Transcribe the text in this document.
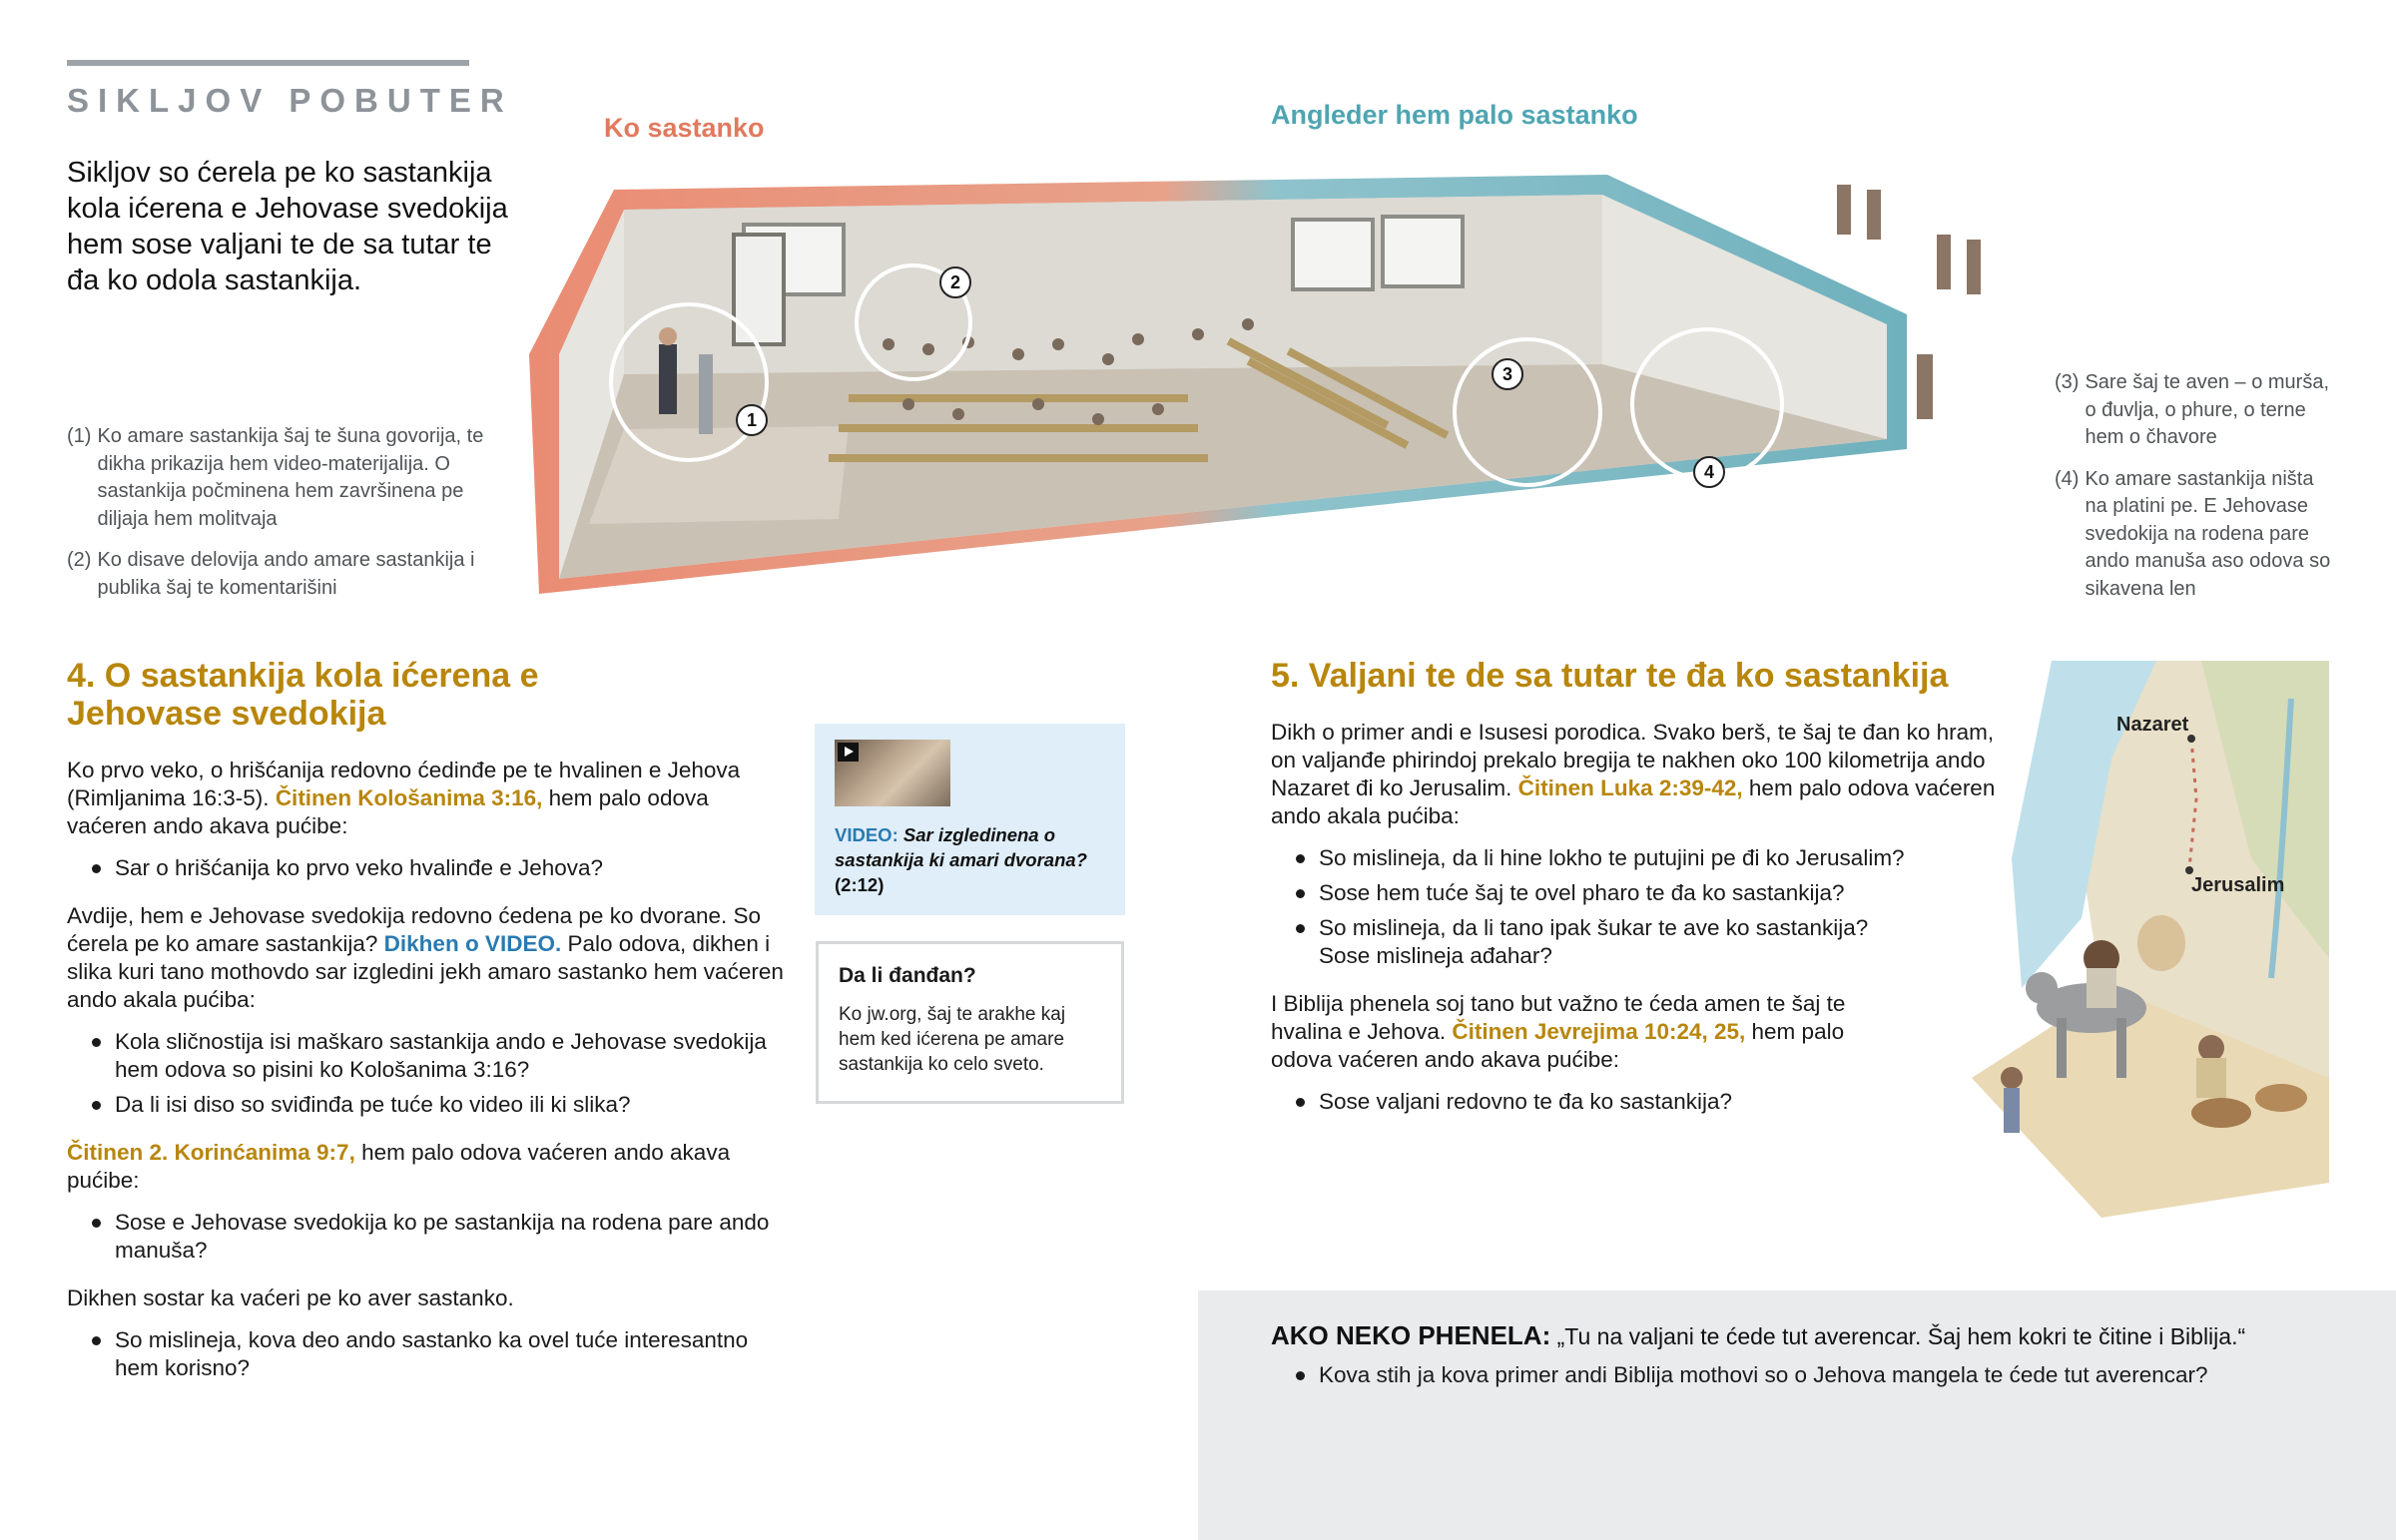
SIKLJOV POBUTER
Sikljov so ćerela pe ko sastankija kola ićerena e Jehovase svedokija hem sose valjani te de sa tutar te đa ko odola sastankija.
Ko sastanko	Angleder hem palo sastanko
1
2
3
4
(1) Ko amare sastankija šaj te šuna govorija, te dikha prikazija hem video-materijalija. O sastankija počminena hem završinena pe diljaja hem molitvaja
(2) Ko disave delovija ando amare sastankija i publika šaj te komentarišini
(3) Sare šaj te aven – o murša, o đuvlja, o phure, o terne hem o čhavore
(4) Ko amare sastankija ništa na platini pe. E Jehovase svedokija na rodena pare ando manuša aso odova so sikavena len
4. O sastankija kola ićerena e Jehovase svedokija

Ko prvo veko, o hrišćanija redovno ćedinđe pe te hvalinen e Jehova (Rimljanima 16:3-5). Čitinen Kološanima 3:16, hem palo odova vaćeren ando akava pućibe:

Sar o hrišćanija ko prvo veko hvalinđe e Jehova?

Avdije, hem e Jehovase svedokija redovno ćedena pe ko dvorane. So ćerela pe ko amare sastankija? Dikhen o VIDEO. Palo odova, dikhen i slika kuri tano mothovdo sar izgledini jekh amaro sastanko hem vaćeren ando akala pućiba:

Kola sličnostija isi maškaro sastankija ando e Jehovase svedokija hem odova so pisini ko Kološanima 3:16?
Da li isi diso so sviđinđa pe tuće ko video ili ki slika?

Čitinen 2. Korinćanima 9:7, hem palo odova vaćeren ando akava pućibe:

Sose e Jehovase svedokija ko pe sastankija na rodena pare ando manuša?

Dikhen sostar ka vaćeri pe ko aver sastanko.

So mislineja, kova deo ando sastanko ka ovel tuće interesantno hem korisno?
VIDEO: Sar izgledinena o sastankija ki amari dvorana?
(2:12)
Da li đanđan?
Ko jw.org, šaj te arakhe kaj hem ked ićerena pe amare sastankija ko celo sveto.
5. Valjani te de sa tutar te đa ko sastankija

Dikh o primer andi e Isusesi porodica. Svako berš, te šaj te đan ko hram, on valjanđe phirindoj prekalo bregija te nakhen oko 100 kilometrija ando Nazaret đi ko Jerusalim. Čitinen Luka 2:39-42, hem palo odova vaćeren ando akala pućiba:

So mislineja, da li hine lokho te putujini pe đi ko Jerusalim?
Sose hem tuće šaj te ovel pharo te đa ko sastankija?
So mislineja, da li tano ipak šukar te ave ko sastankija? Sose mislineja ađahar?

I Biblija phenela soj tano but važno te ćeda amen te šaj te hvalina e Jehova. Čitinen Jevrejima 10:24, 25, hem palo odova vaćeren ando akava pućibe:

Sose valjani redovno te đa ko sastankija?
Nazaret
Jerusalim
AKO NEKO PHENELA: „Tu na valjani te ćede tut averencar. Šaj hem kokri te čitine i Biblija.“
Kova stih ja kova primer andi Biblija mothovi so o Jehova mangela te ćede tut averencar?
